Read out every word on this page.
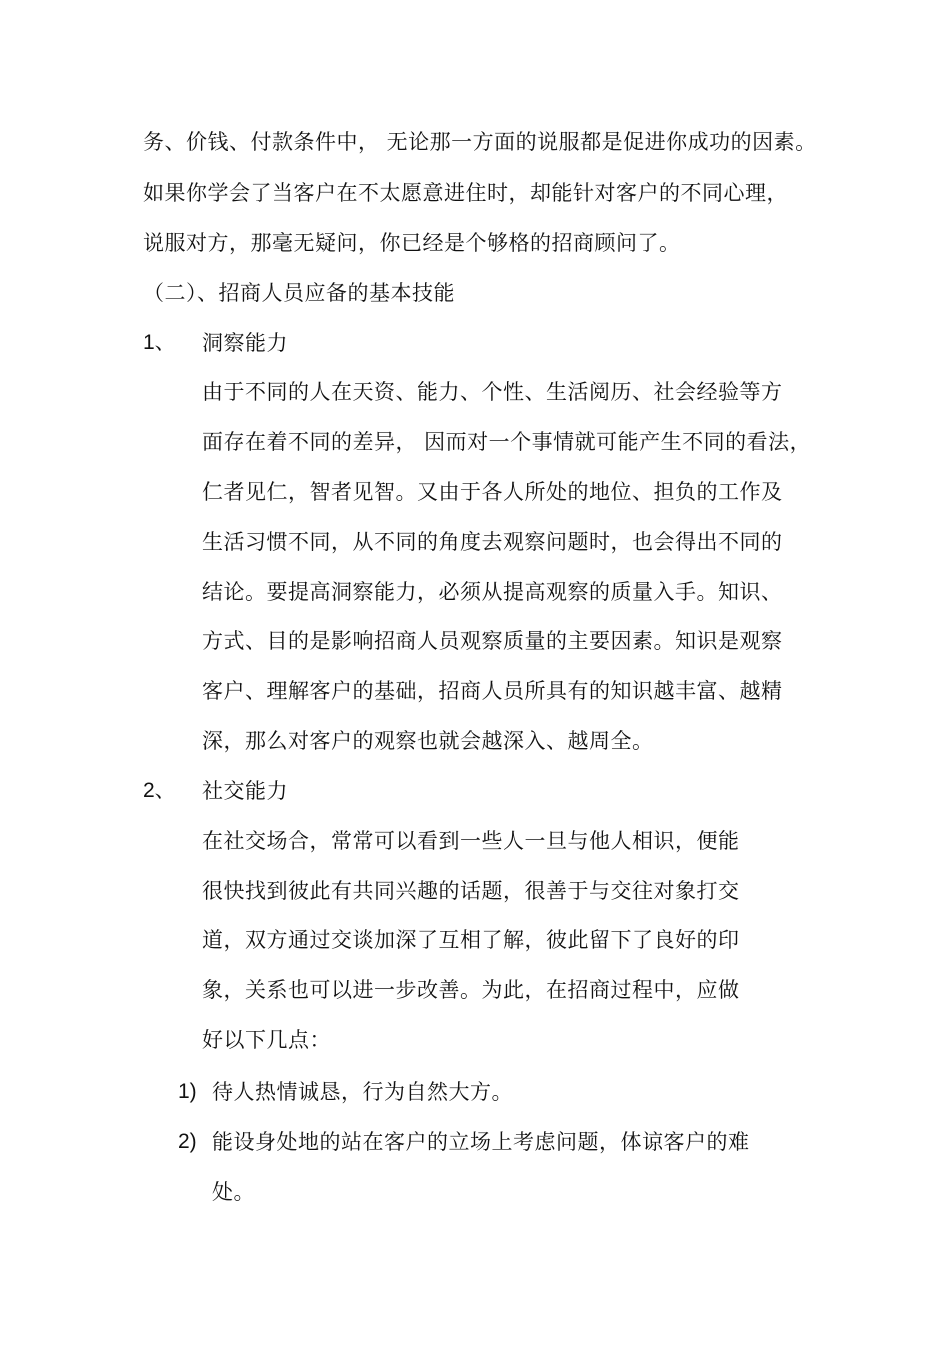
务、价钱、付款条件中， 无论那一方面的说服都是促进你成功的因素。
如果你学会了当客户在不太愿意进住时，却能针对客户的不同心理，
说服对方，那毫无疑问，你已经是个够格的招商顾问了。
（二）、招商人员应备的基本技能
1、 洞察能力
由于不同的人在天资、能力、个性、生活阅历、社会经验等方
面存在着不同的差异， 因而对一个事情就可能产生不同的看法，
仁者见仁，智者见智。又由于各人所处的地位、担负的工作及
生活习惯不同，从不同的角度去观察问题时，也会得出不同的
结论。要提高洞察能力，必须从提高观察的质量入手。知识、
方式、目的是影响招商人员观察质量的主要因素。知识是观察
客户、理解客户的基础，招商人员所具有的知识越丰富、越精
深，那么对客户的观察也就会越深入、越周全。
2、 社交能力
在社交场合，常常可以看到一些人一旦与他人相识，便能
很快找到彼此有共同兴趣的话题，很善于与交往对象打交
道，双方通过交谈加深了互相了解，彼此留下了良好的印
象，关系也可以进一步改善。为此，在招商过程中，应做
好以下几点：
1) 待人热情诚恳，行为自然大方。
2) 能设身处地的站在客户的立场上考虑问题，体谅客户的难
处。
